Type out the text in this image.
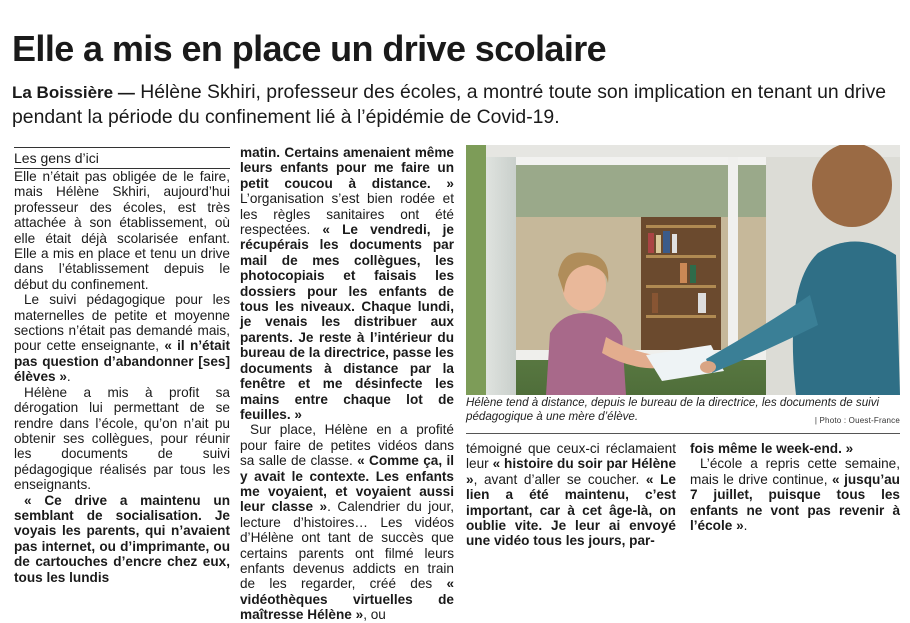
Elle a mis en place un drive scolaire

La Boissière — Hélène Skhiri, professeur des écoles, a montré toute son implication en tenant un drive pendant la période du confinement lié à l’épidémie de Covid-19.

Les gens d’ici

Elle n’était pas obligée de le faire, mais Hélène Skhiri, aujourd’hui professeur des écoles, est très attachée à son établissement, où elle était déjà scolarisée enfant. Elle a mis en place et tenu un drive dans l’établissement depuis le début du confinement.

Le suivi pédagogique pour les maternelles de petite et moyenne sections n’était pas demandé mais, pour cette enseignante, « il n’était pas question d’abandonner [ses] élèves ».

Hélène a mis à profit sa dérogation lui permettant de se rendre dans l’école, qu’on n’ait pu obtenir ses collègues, pour réunir les documents de suivi pédagogique réalisés par tous les enseignants.

« Ce drive a maintenu un semblant de socialisation. Je voyais les parents, qui n’avaient pas internet, ou d’imprimante, ou de cartouches d’encre chez eux, tous les lundis

matin. Certains amenaient même leurs enfants pour me faire un petit coucou à distance. » L’organisation s’est bien rodée et les règles sanitaires ont été respectées. « Le vendredi, je récupérais les documents par mail de mes collègues, les photocopiais et faisais les dossiers pour les enfants de tous les niveaux. Chaque lundi, je venais les distribuer aux parents. Je reste à l’intérieur du bureau de la directrice, passe les documents à distance par la fenêtre et me désinfecte les mains entre chaque lot de feuilles. »

Sur place, Hélène en a profité pour faire de petites vidéos dans sa salle de classe. « Comme ça, il y avait le contexte. Les enfants me voyaient, et voyaient aussi leur classe ». Calendrier du jour, lecture d’histoires… Les vidéos d’Hélène ont tant de succès que certains parents ont filmé leurs enfants devenus addicts en train de les regarder, créé des « vidéothèques virtuelles de maîtresse Hélène », ou

Hélène tend à distance, depuis le bureau de la directrice, les documents de suivi pédagogique à une mère d’élève.	| Photo : Ouest-France

témoigné que ceux-ci réclamaient leur « histoire du soir par Hélène », avant d’aller se coucher. « Le lien a été maintenu, c’est important, car à cet âge-là, on oublie vite. Je leur ai envoyé une vidéo tous les jours, par-

fois même le week-end. »

L’école a repris cette semaine, mais le drive continue, « jusqu’au 7 juillet, puisque tous les enfants ne vont pas revenir à l’école ».
